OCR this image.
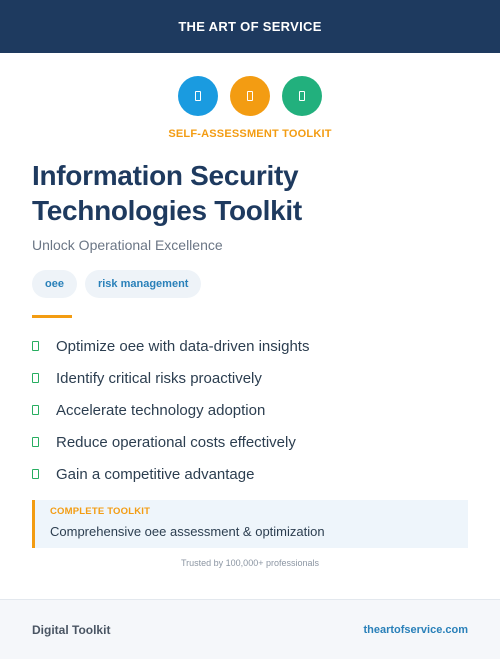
THE ART OF SERVICE
SELF-ASSESSMENT TOOLKIT
Information Security
Technologies Toolkit
Unlock Operational Excellence
oee	risk management
Optimize oee with data-driven insights
Identify critical risks proactively
Accelerate technology adoption
Reduce operational costs effectively
Gain a competitive advantage
COMPLETE TOOLKIT
Comprehensive oee assessment & optimization
Trusted by 100,000+ professionals
Digital Toolkit	theartofservice.com
